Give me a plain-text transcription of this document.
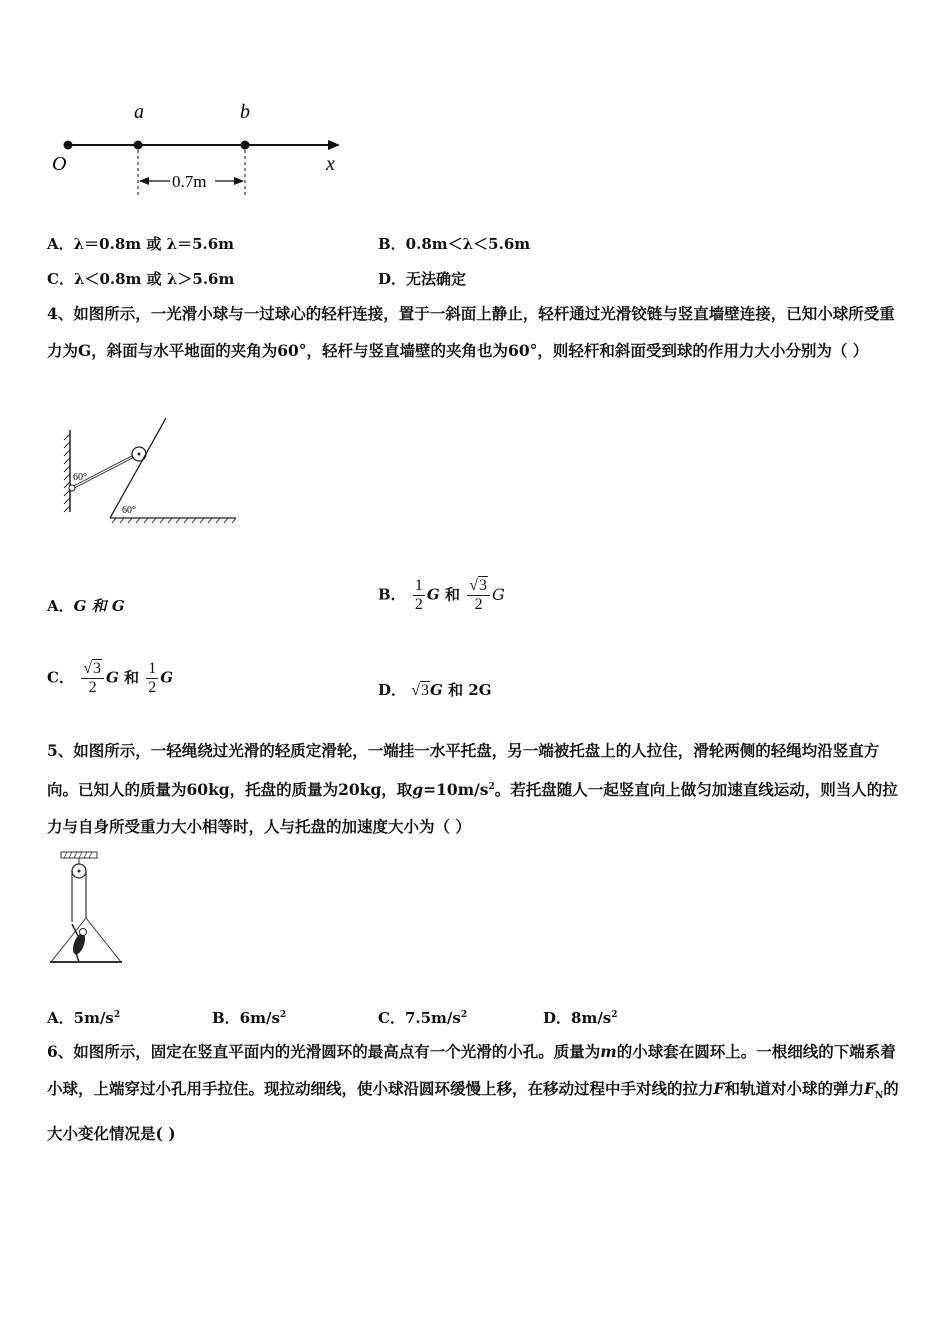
a	b
O	x
0.7m
A．λ＝0.8m 或 λ＝5.6m	B．0.8m＜λ＜5.6m
C．λ＜0.8m 或 λ＞5.6m	D．无法确定
4、如图所示，一光滑小球与一过球心的轻杆连接，置于一斜面上静止，轻杆通过光滑铰链与竖直墙壁连接，已知小球所受重力为G，斜面与水平地面的夹角为60°，轻杆与竖直墙壁的夹角也为60°，则轻杆和斜面受到球的作用力大小分别为（ ）
60°
60°
A．G 和 G
B． $\frac{1}{2}$ G 和 $\frac{√3}{2}$ G
C． $\frac{√3}{2}$ G 和 $\frac{1}{2}$ G
D． √3G 和 2G
5、如图所示，一轻绳绕过光滑的轻质定滑轮，一端挂一水平托盘，另一端被托盘上的人拉住，滑轮两侧的轻绳均沿竖直方向。已知人的质量为60kg，托盘的质量为20kg，取$g=10m/s^2$。若托盘随人一起竖直向上做匀加速直线运动，则当人的拉力与自身所受重力大小相等时，人与托盘的加速度大小为（ ）
A．$5m/s^2$	B．$6m/s^2$	C．$7.5m/s^2$	D．$8m/s^2$
6、如图所示，固定在竖直平面内的光滑圆环的最高点有一个光滑的小孔。质量为m的小球套在圆环上。一根细线的下端系着小球，上端穿过小孔用手拉住。现拉动细线，使小球沿圆环缓慢上移，在移动过程中手对线的拉力F和轨道对小球的弹力$F_N$的大小变化情况是( )
